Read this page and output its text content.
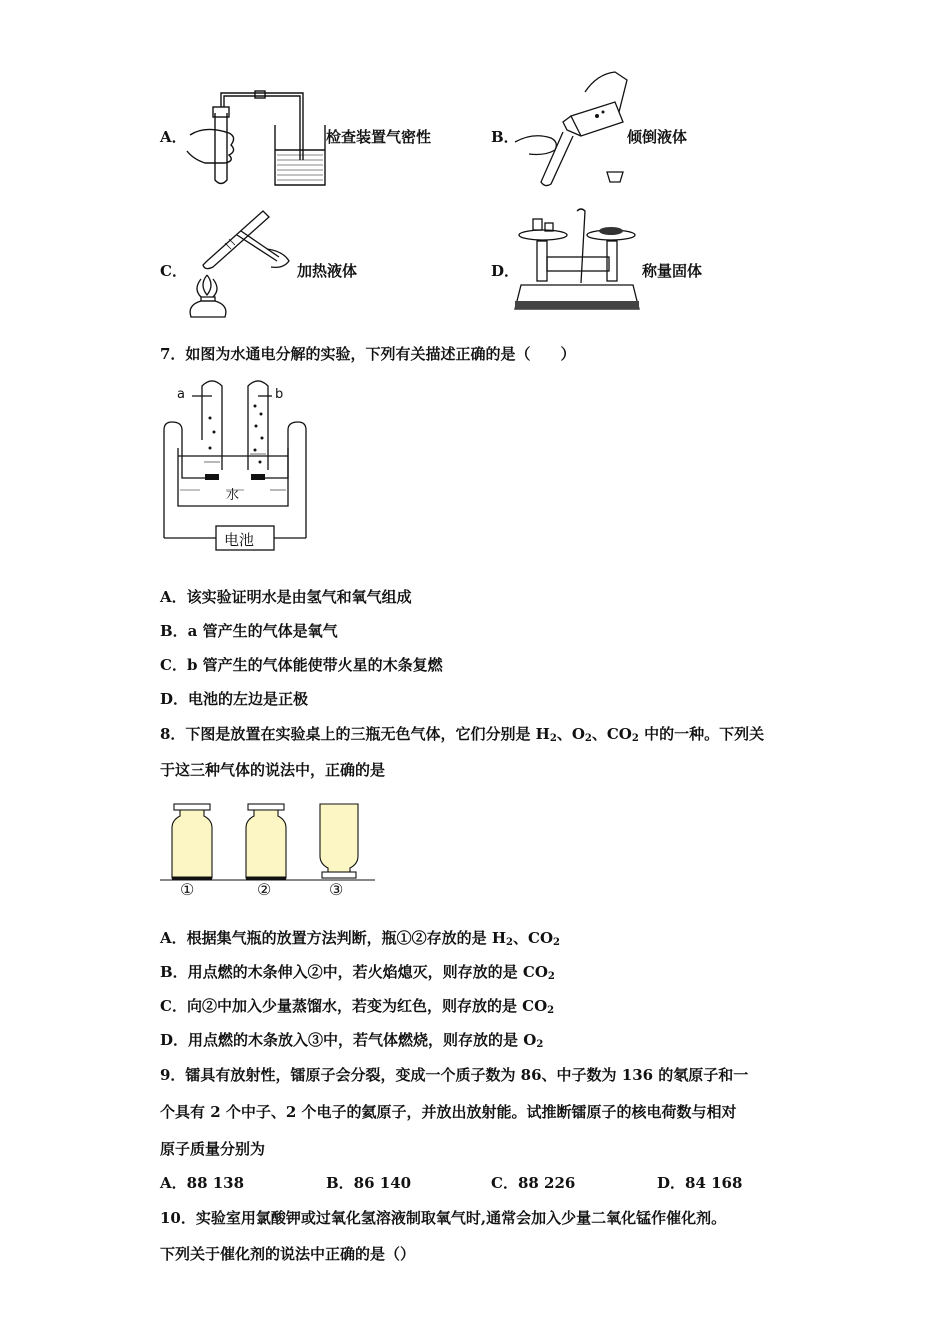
A．	检查装置气密性	B．	倾倒液体
C．	加热液体	D．	称量固体
7．如图为水通电分解的实验，下列有关描述正确的是（　　）
a	b
水
电池
A．该实验证明水是由氢气和氧气组成
B．a 管产生的气体是氧气
C．b 管产生的气体能使带火星的木条复燃
D．电池的左边是正极
8．下图是放置在实验桌上的三瓶无色气体，它们分别是 $H_2$、$O_2$、$CO_2$ 中的一种。下列关
于这三种气体的说法中，正确的是
①	②	③
A．根据集气瓶的放置方法判断，瓶①②存放的是 $H_2$、$CO_2$
B．用点燃的木条伸入②中，若火焰熄灭，则存放的是 $CO_2$
C．向②中加入少量蒸馏水，若变为红色，则存放的是 $CO_2$
D．用点燃的木条放入③中，若气体燃烧，则存放的是 $O_2$
9．镭具有放射性，镭原子会分裂，变成一个质子数为 86、中子数为 136 的氡原子和一
个具有 2 个中子、2 个电子的氦原子，并放出放射能。试推断镭原子的核电荷数与相对
原子质量分别为
A．88 138	B．86 140	C．88 226	D．84 168
10．实验室用氯酸钾或过氧化氢溶液制取氧气时,通常会加入少量二氧化锰作催化剂。
下列关于催化剂的说法中正确的是（）
